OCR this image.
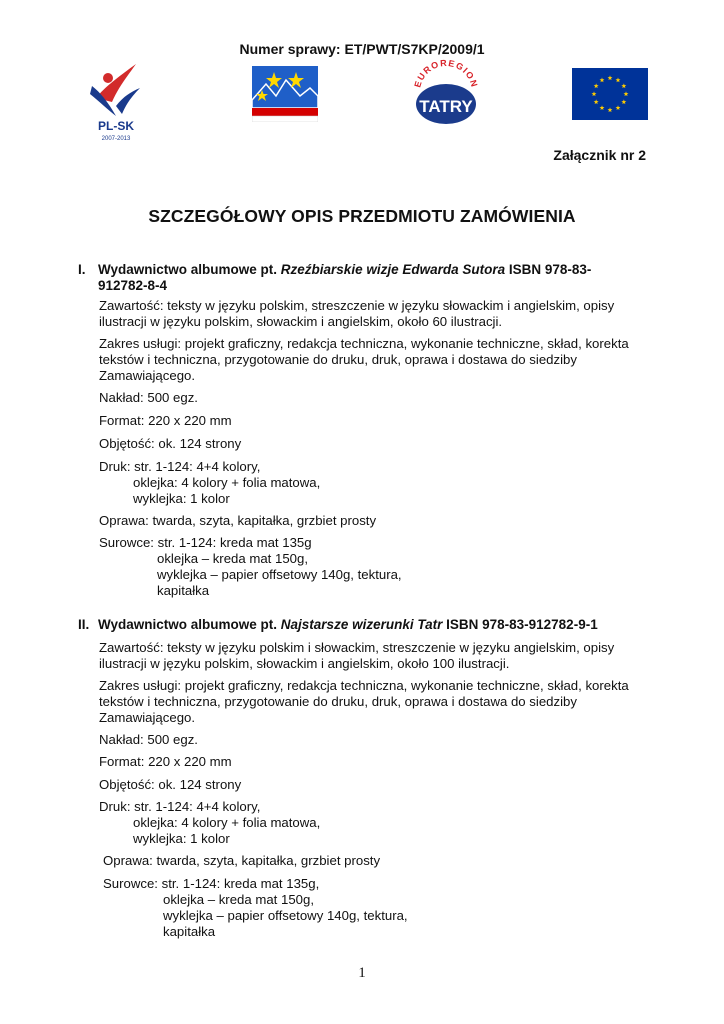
Numer sprawy: ET/PWT/S7KP/2009/1
PL-SK
2007-2013
EUROREGION
TATRY
Załącznik nr 2
SZCZEGÓŁOWY OPIS PRZEDMIOTU ZAMÓWIENIA
I. Wydawnictwo albumowe pt. Rzeźbiarskie wizje Edwarda Sutora ISBN 978-83-
912782-8-4

Zawartość: teksty w języku polskim, streszczenie w języku słowackim i angielskim, opisy
ilustracji w języku polskim, słowackim i angielskim, około 60 ilustracji.

Zakres usługi: projekt graficzny, redakcja techniczna, wykonanie techniczne, skład, korekta
tekstów i techniczna, przygotowanie do druku, druk, oprawa i dostawa do siedziby
Zamawiającego.

Nakład: 500 egz.

Format: 220 x 220 mm

Objętość: ok. 124 strony

Druk: str. 1-124: 4+4 kolory,
oklejka: 4 kolory + folia matowa,
wyklejka: 1 kolor

Oprawa: twarda, szyta, kapitałka, grzbiet prosty

Surowce: str. 1-124: kreda mat 135g
oklejka – kreda mat 150g,
wyklejka – papier offsetowy 140g, tektura,
kapitałka

II. Wydawnictwo albumowe pt. Najstarsze wizerunki Tatr ISBN 978-83-912782-9-1

Zawartość: teksty w języku polskim i słowackim, streszczenie w języku angielskim, opisy
ilustracji w języku polskim, słowackim i angielskim, około 100 ilustracji.

Zakres usługi: projekt graficzny, redakcja techniczna, wykonanie techniczne, skład, korekta
tekstów i techniczna, przygotowanie do druku, druk, oprawa i dostawa do siedziby
Zamawiającego.

Nakład: 500 egz.

Format: 220 x 220 mm

Objętość: ok. 124 strony

Druk: str. 1-124: 4+4 kolory,
oklejka: 4 kolory + folia matowa,
wyklejka: 1 kolor

Oprawa: twarda, szyta, kapitałka, grzbiet prosty

Surowce: str. 1-124: kreda mat 135g,
oklejka – kreda mat 150g,
wyklejka – papier offsetowy 140g, tektura,
kapitałka

1
